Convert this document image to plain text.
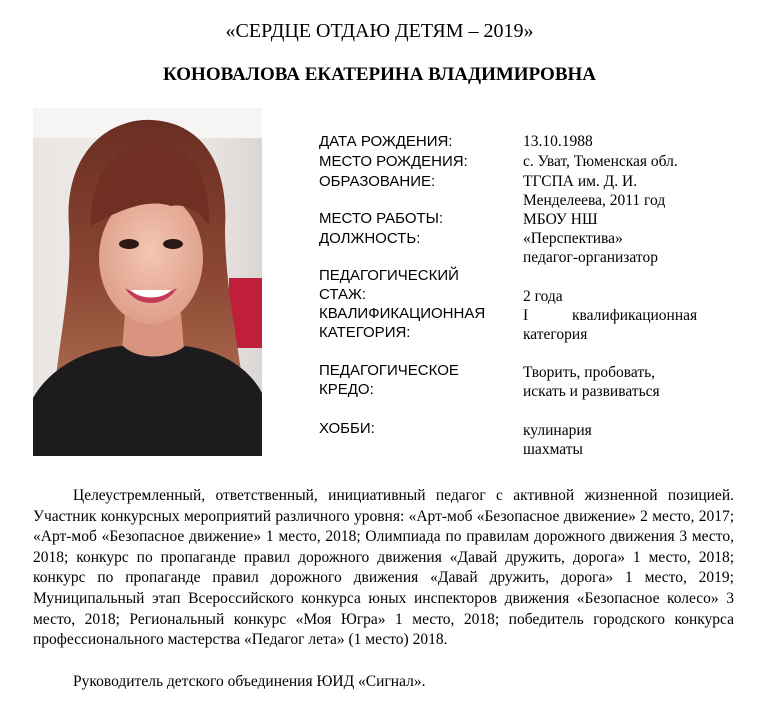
«СЕРДЦЕ ОТДАЮ ДЕТЯМ – 2019»
КОНОВАЛОВА ЕКАТЕРИНА ВЛАДИМИРОВНА
ДАТА РОЖДЕНИЯ:
МЕСТО РОЖДЕНИЯ:
ОБРАЗОВАНИЕ:
МЕСТО РАБОТЫ:
ДОЛЖНОСТЬ:
ПЕДАГОГИЧЕСКИЙ
СТАЖ:
КВАЛИФИКАЦИОННАЯ
КАТЕГОРИЯ:
ПЕДАГОГИЧЕСКОЕ
КРЕДО:
ХОББИ:
13.10.1988
с. Уват, Тюменская обл.
ТГСПА им. Д. И.
Менделеева, 2011 год
МБОУ НШ
«Перспектива»
педагог-организатор
2 года
I	квалификационная
категория
Творить, пробовать,
искать и развиваться
кулинария
шахматы
Целеустремленный, ответственный, инициативный педагог с активной жизненной позицией. Участник конкурсных мероприятий различного уровня: «Арт-моб «Безопасное движение» 2 место, 2017; «Арт-моб «Безопасное движение» 1 место, 2018; Олимпиада по правилам дорожного движения 3 место, 2018; конкурс по пропаганде правил дорожного движения «Давай дружить, дорога» 1 место, 2018; конкурс по пропаганде правил дорожного движения «Давай дружить, дорога» 1 место, 2019; Муниципальный этап Всероссийского конкурса юных инспекторов движения «Безопасное колесо» 3 место, 2018; Региональный конкурс «Моя Югра» 1 место, 2018; победитель городского конкурса профессионального мастерства «Педагог лета» (1 место) 2018.
Руководитель детского объединения ЮИД «Сигнал».
